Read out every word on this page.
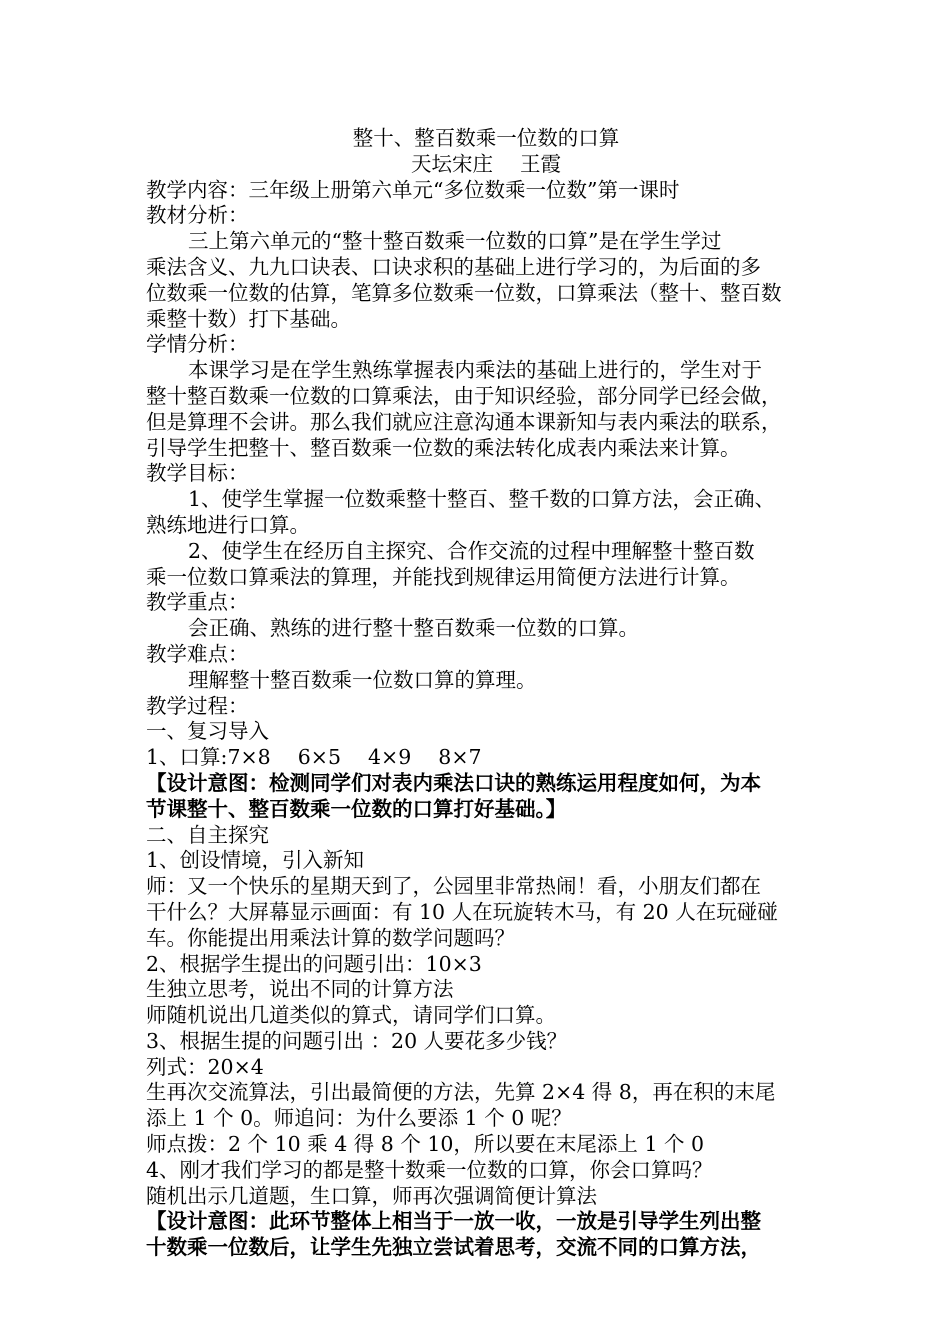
整十、整百数乘一位数的口算

天坛宋庄　 王霞

教学内容：三年级上册第六单元“多位数乘一位数”第一课时

教材分析：

三上第六单元的“整十整百数乘一位数的口算”是在学生学过

乘法含义、九九口诀表、口诀求积的基础上进行学习的，为后面的多

位数乘一位数的估算，笔算多位数乘一位数，口算乘法（整十、整百数

乘整十数）打下基础。

学情分析：

本课学习是在学生熟练掌握表内乘法的基础上进行的，学生对于

整十整百数乘一位数的口算乘法，由于知识经验，部分同学已经会做，

但是算理不会讲。那么我们就应注意沟通本课新知与表内乘法的联系，

引导学生把整十、整百数乘一位数的乘法转化成表内乘法来计算。

教学目标：

1、使学生掌握一位数乘整十整百、整千数的口算方法，会正确、

熟练地进行口算。

2、使学生在经历自主探究、合作交流的过程中理解整十整百数

乘一位数口算乘法的算理，并能找到规律运用简便方法进行计算。

教学重点：

会正确、熟练的进行整十整百数乘一位数的口算。

教学难点：

理解整十整百数乘一位数口算的算理。

教学过程：

一、复习导入

1、口算:7×8　 6×5　 4×9　 8×7

【设计意图：检测同学们对表内乘法口诀的熟练运用程度如何，为本

节课整十、整百数乘一位数的口算打好基础。】

二、自主探究

1、创设情境，引入新知

师：又一个快乐的星期天到了，公园里非常热闹！看，小朋友们都在

干什么？大屏幕显示画面：有 10 人在玩旋转木马，有 20 人在玩碰碰

车。你能提出用乘法计算的数学问题吗？

2、根据学生提出的问题引出：10×3

生独立思考，说出不同的计算方法

师随机说出几道类似的算式，请同学们口算。

3、根据生提的问题引出 ：20 人要花多少钱？

列式：20×4

生再次交流算法，引出最简便的方法，先算 2×4 得 8，再在积的末尾

添上 1 个 0。师追问：为什么要添 1 个 0 呢？

师点拨：2 个 10 乘 4 得 8 个 10，所以要在末尾添上 1 个 0

4、刚才我们学习的都是整十数乘一位数的口算，你会口算吗？

随机出示几道题，生口算，师再次强调简便计算法

【设计意图：此环节整体上相当于一放一收，一放是引导学生列出整

十数乘一位数后，让学生先独立尝试着思考，交流不同的口算方法，
